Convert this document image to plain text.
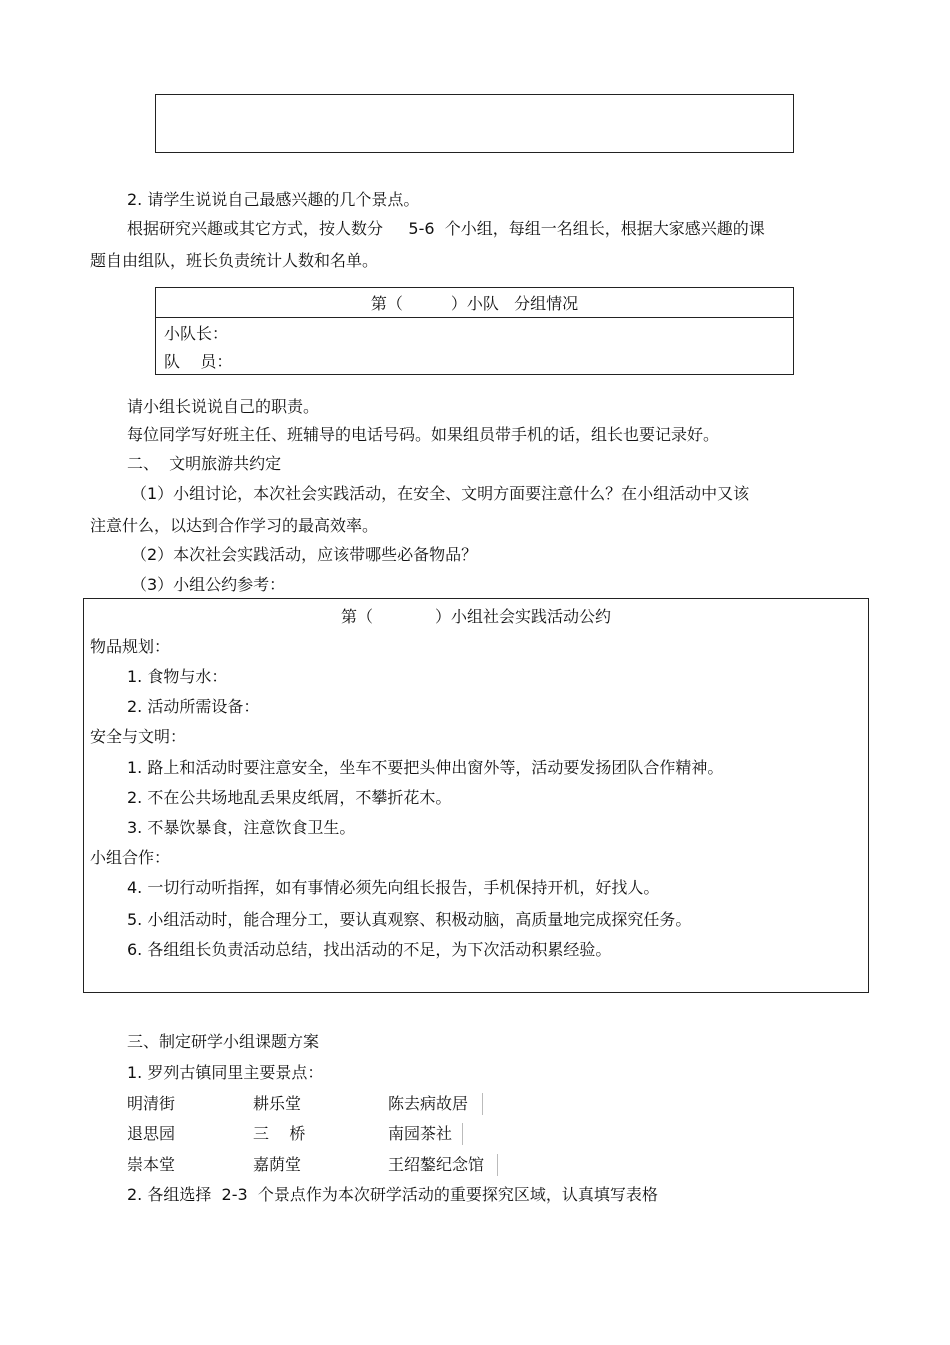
2. 请学生说说自己最感兴趣的几个景点。
根据研究兴趣或其它方式，按人数分     5-6  个小组，每组一名组长，根据大家感兴趣的课
题自由组队，班长负责统计人数和名单。
第（	）小队   分组情况
小队长：
队    员：
请小组长说说自己的职责。
每位同学写好班主任、班辅导的电话号码。如果组员带手机的话，组长也要记录好。
二、  文明旅游共约定
（1）小组讨论，本次社会实践活动，在安全、文明方面要注意什么？在小组活动中又该
注意什么，以达到合作学习的最高效率。
（2）本次社会实践活动，应该带哪些必备物品？
（3）小组公约参考：
第（	）小组社会实践活动公约
物品规划：
1. 食物与水：
2. 活动所需设备：
安全与文明：
1. 路上和活动时要注意安全，坐车不要把头伸出窗外等，活动要发扬团队合作精神。
2. 不在公共场地乱丢果皮纸屑，不攀折花木。
3. 不暴饮暴食，注意饮食卫生。
小组合作：
4. 一切行动听指挥，如有事情必须先向组长报告，手机保持开机，好找人。
5. 小组活动时，能合理分工，要认真观察、积极动脑，高质量地完成探究任务。
6. 各组组长负责活动总结，找出活动的不足，为下次活动积累经验。
三、制定研学小组课题方案
1. 罗列古镇同里主要景点：
明清街	耕乐堂	陈去病故居
退思园	三    桥	南园茶社
崇本堂	嘉荫堂	王绍鏊纪念馆
2. 各组选择  2-3  个景点作为本次研学活动的重要探究区域，认真填写表格
